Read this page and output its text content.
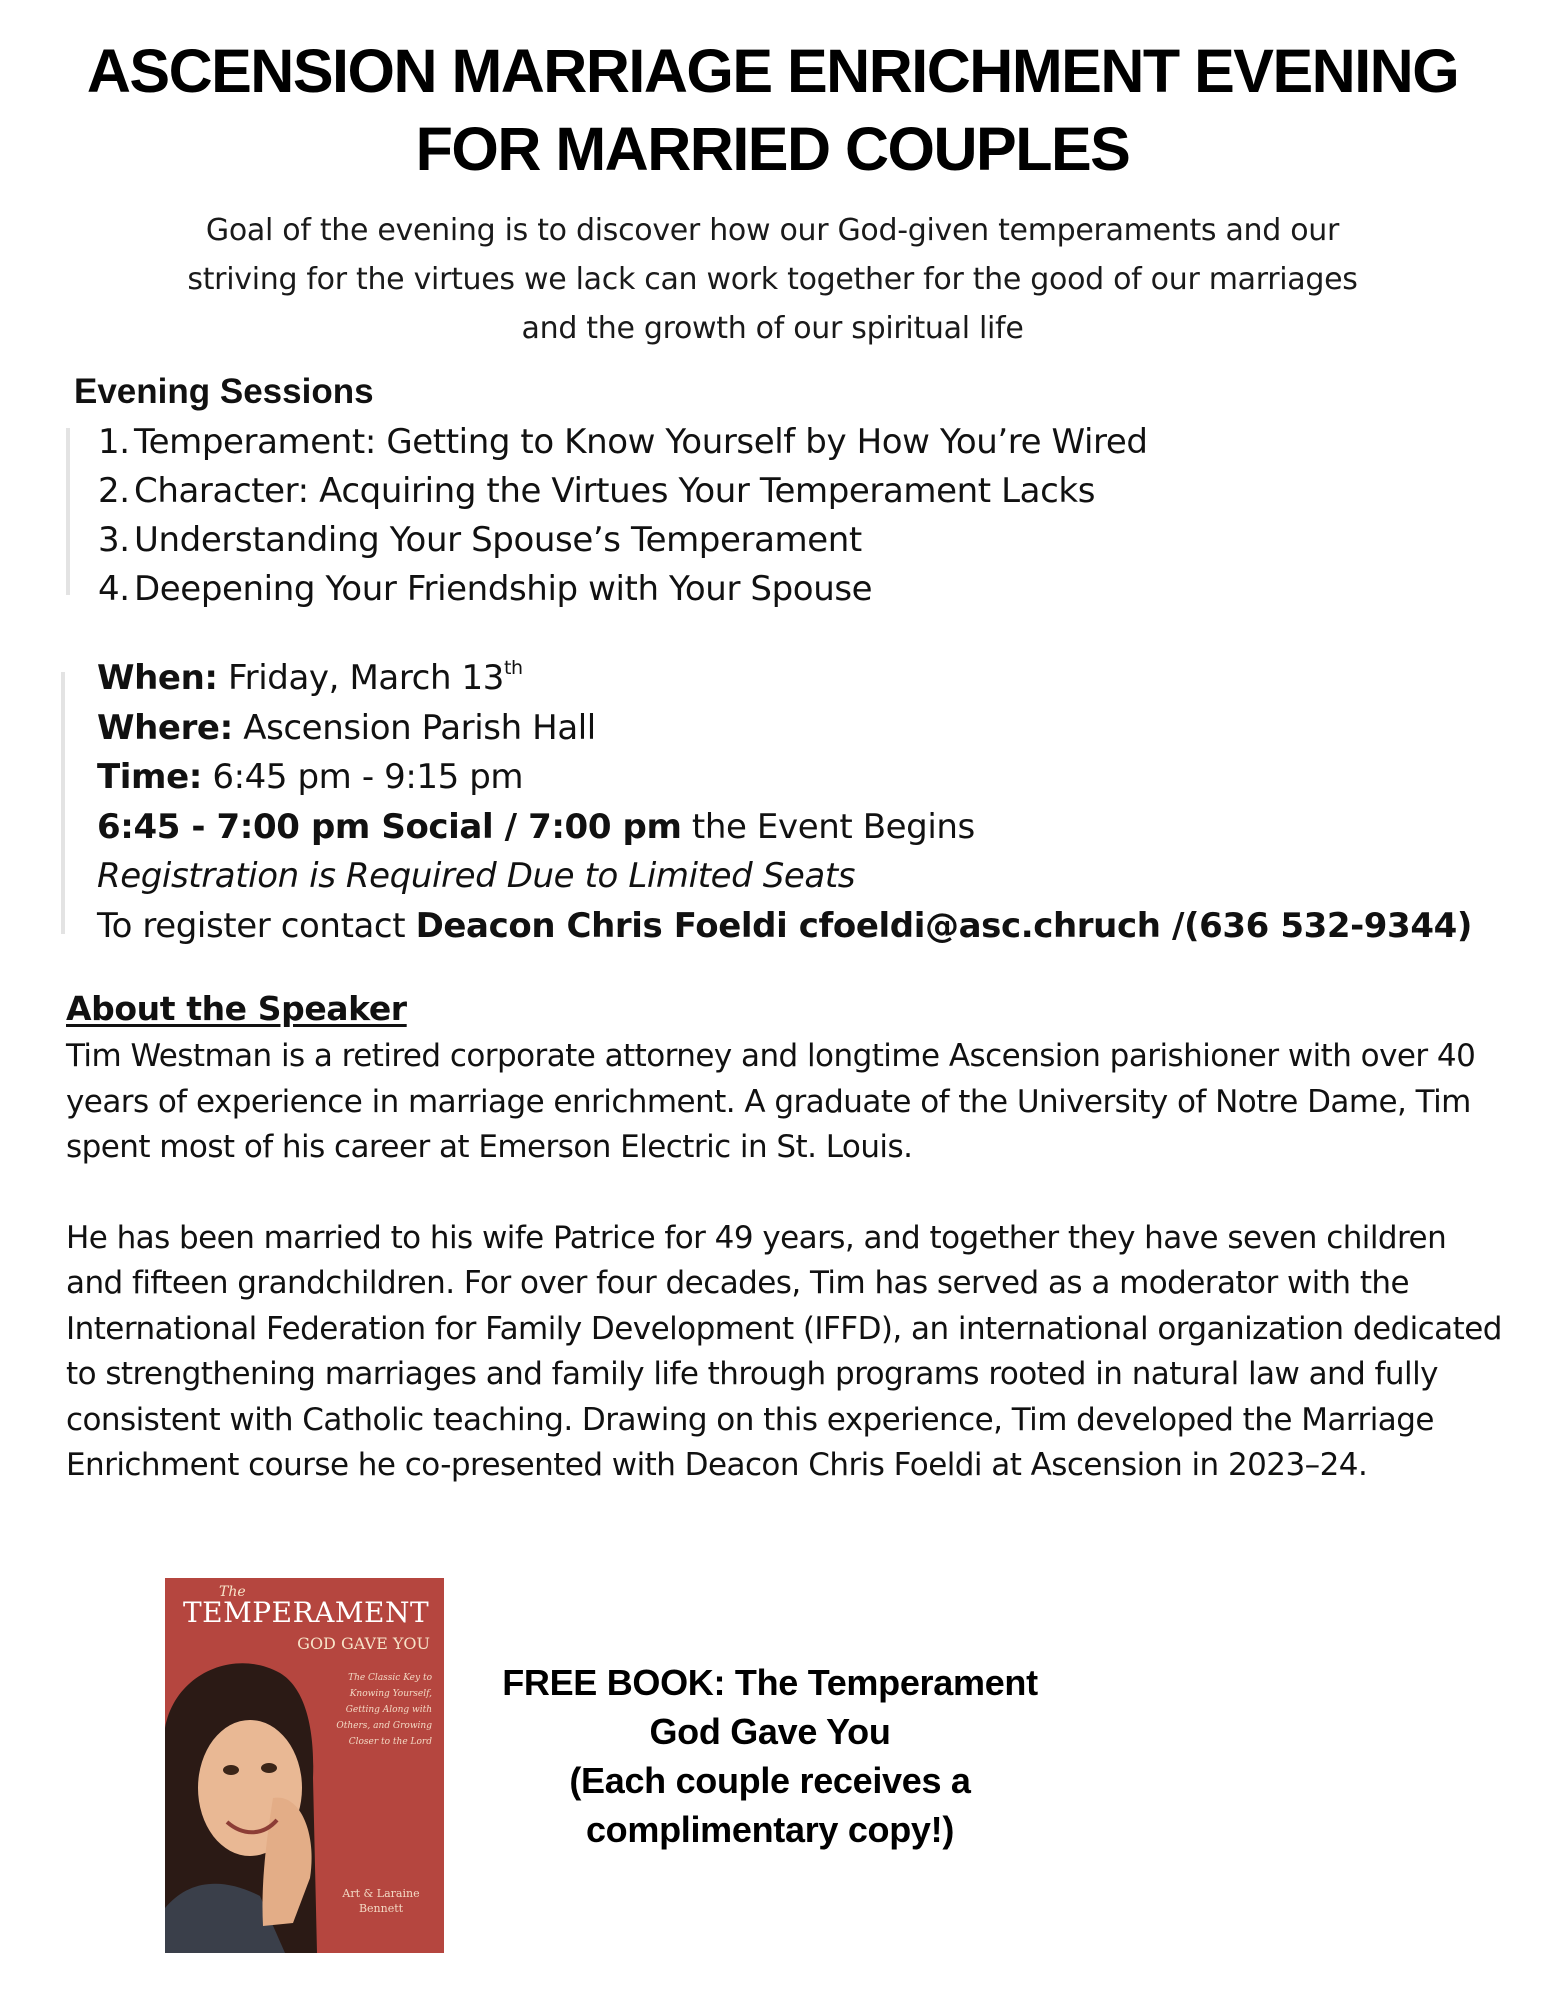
ASCENSION MARRIAGE ENRICHMENT EVENING
FOR MARRIED COUPLES
Goal of the evening is to discover how our God-given temperaments and our
striving for the virtues we lack can work together for the good of our marriages
and the growth of our spiritual life
Evening Sessions
1. Temperament: Getting to Know Yourself by How You’re Wired
2. Character: Acquiring the Virtues Your Temperament Lacks
3. Understanding Your Spouse’s Temperament
4. Deepening Your Friendship with Your Spouse
When: Friday, March 13th
Where: Ascension Parish Hall
Time: 6:45 pm - 9:15 pm
6:45 - 7:00 pm Social / 7:00 pm the Event Begins
Registration is Required Due to Limited Seats
To register contact Deacon Chris Foeldi cfoeldi@asc.chruch /(636 532-9344)
About the Speaker

Tim Westman is a retired corporate attorney and longtime Ascension parishioner with over 40 years of experience in marriage enrichment. A graduate of the University of Notre Dame, Tim spent most of his career at Emerson Electric in St. Louis.

He has been married to his wife Patrice for 49 years, and together they have seven children and fifteen grandchildren. For over four decades, Tim has served as a moderator with the International Federation for Family Development (IFFD), an international organization dedicated to strengthening marriages and family life through programs rooted in natural law and fully consistent with Catholic teaching. Drawing on this experience, Tim developed the Marriage Enrichment course he co-presented with Deacon Chris Foeldi at Ascension in 2023–24.

The

TEMPERAMENT

GOD GAVE YOU

The Classic Key to Knowing Yourself, Getting Along with Others, and Growing Closer to the Lord

Art & Laraine Bennett

FREE BOOK: The Temperament
God Gave You
(Each couple receives a
complimentary copy!)
